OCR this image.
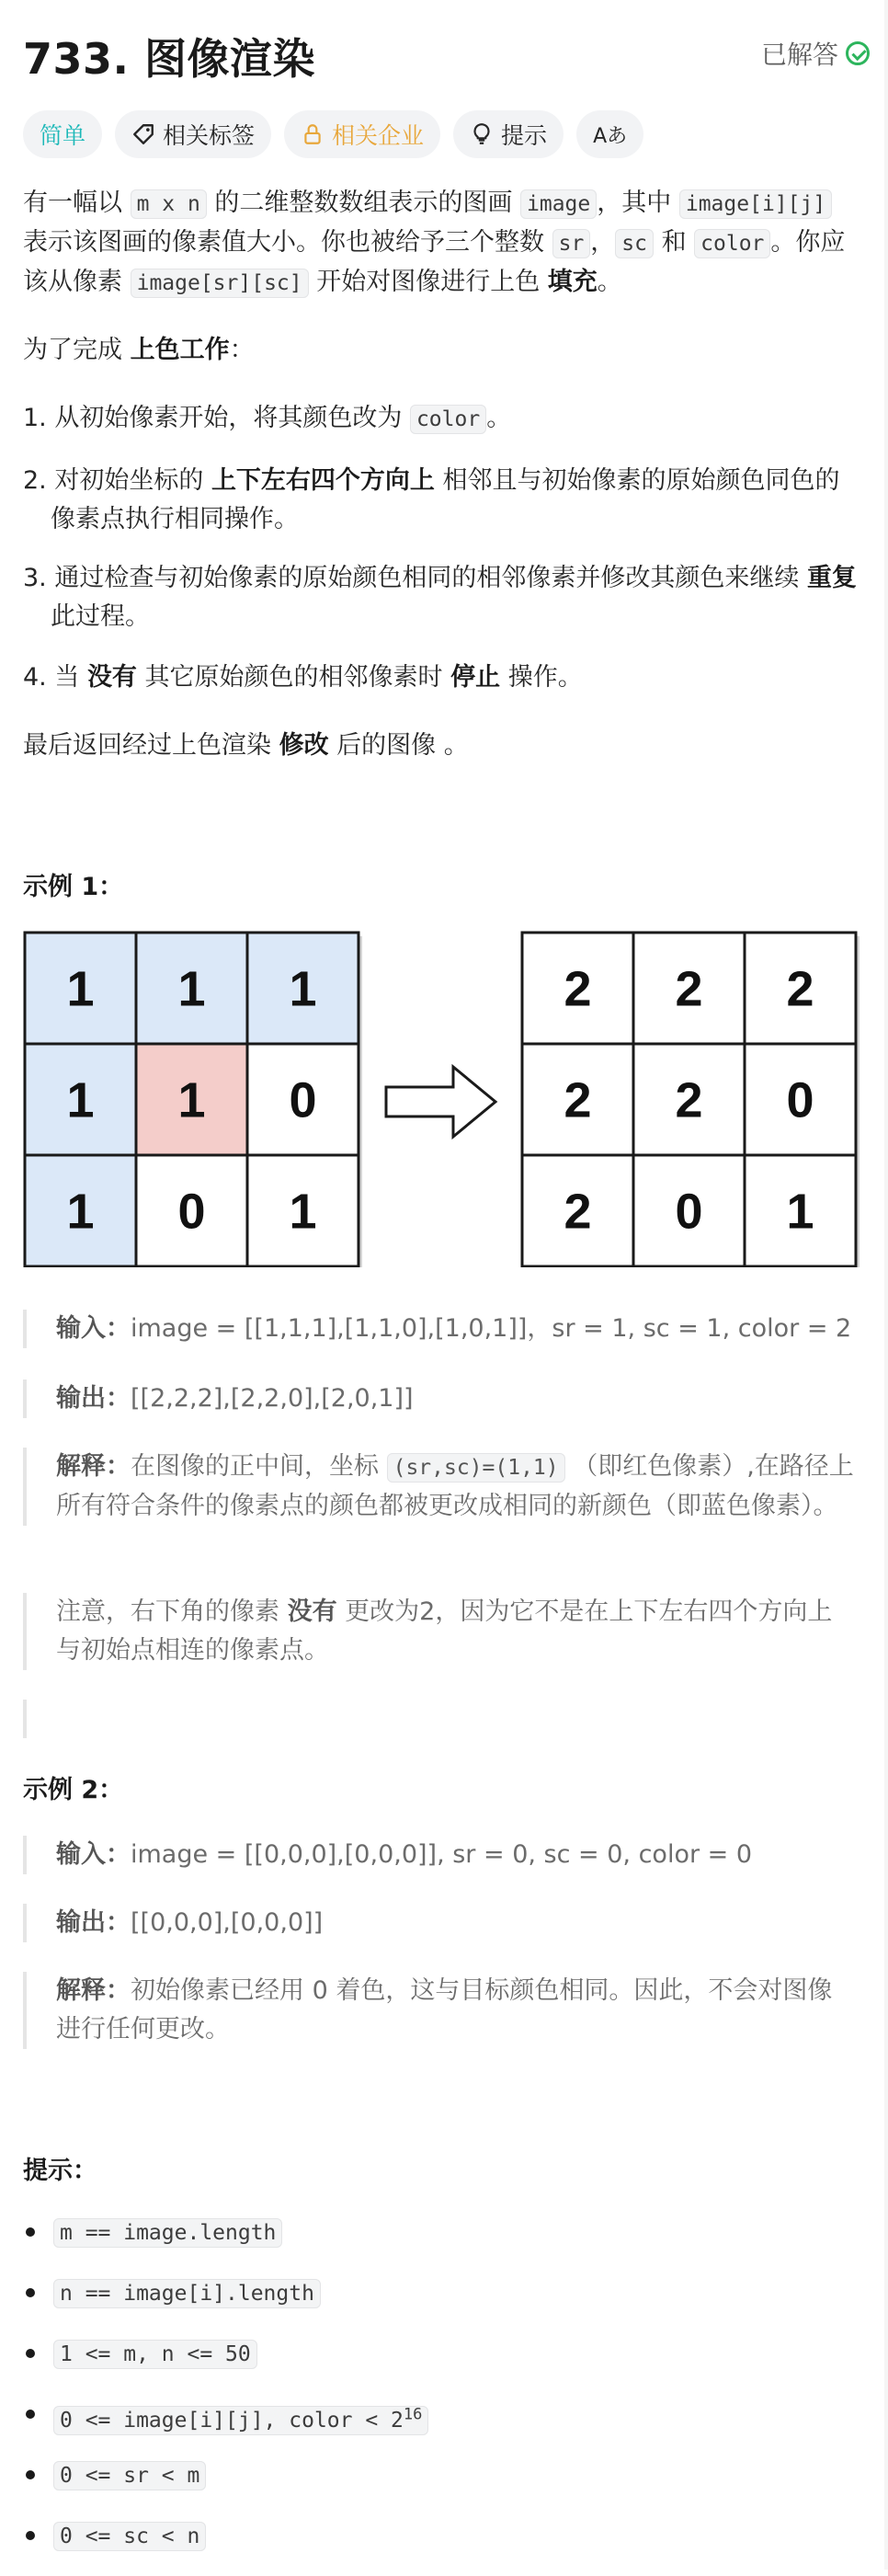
733. 图像渲染	已解答
简单	相关标签	相关企业	提示 Aあ
有一幅以 m x n 的二维整数数组表示的图画 image ，其中 image[i][j] 表示该图画的像素值大小。你也被给予三个整数 sr ， sc 和 color 。你应该从像素 image[sr][sc] 开始对图像进行上色 填充。
为了完成 上色工作：
1. 从初始像素开始，将其颜色改为 color 。
2. 对初始坐标的 上下左右四个方向上 相邻且与初始像素的原始颜色同色的像素点执行相同操作。
3. 通过检查与初始像素的原始颜色相同的相邻像素并修改其颜色来继续 重复 此过程。
4. 当 没有 其它原始颜色的相邻像素时 停止 操作。
最后返回经过上色渲染 修改 后的图像 。
示例 1：
1 1 1
1 1 0
1 0 1
2 2 2
2 2 0
2 0 1
输入：image = [[1,1,1],[1,1,0],[1,0,1]]，sr = 1, sc = 1, color = 2
输出：[[2,2,2],[2,2,0],[2,0,1]]
解释：在图像的正中间，坐标 (sr,sc)=(1,1) （即红色像素）,在路径上所有符合条件的像素点的颜色都被更改成相同的新颜色（即蓝色像素）。
注意，右下角的像素 没有 更改为2，因为它不是在上下左右四个方向上与初始点相连的像素点。
示例 2：
输入：image = [[0,0,0],[0,0,0]], sr = 0, sc = 0, color = 0
输出：[[0,0,0],[0,0,0]]
解释：初始像素已经用 0 着色，这与目标颜色相同。因此，不会对图像进行任何更改。
提示：
m == image.length
n == image[i].length
1 <= m, n <= 50
0 <= image[i][j], color < $2^{16}$
0 <= sr < m
0 <= sc < n
